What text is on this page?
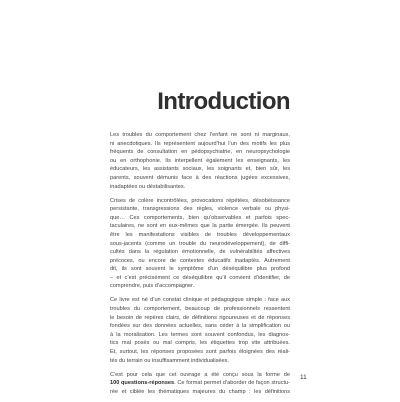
Introduction

Les troubles du comportement chez l’enfant ne sont ni marginaux,
ni anecdotiques. Ils représentent aujourd’hui l’un des motifs les plus
fréquents de consultation en pédopsychiatrie, en neuropsychologie
ou en orthophonie. Ils interpellent également les enseignants, les
éducateurs, les assistants sociaux, les soignants et, bien sûr, les
parents, souvent démunis face à des réactions jugées excessives,
inadaptées ou déstabilisantes.

Crises de colère incontrôlées, provocations répétées, désobéissance
persistante, transgressions des règles, violence verbale ou physi-
que… Ces comportements, bien qu’observables et parfois spec-
taculaires, ne sont en eux-mêmes que la partie émergée. Ils peuvent
être les manifestations visibles de troubles développementaux
sous-jacents (comme un trouble du neurodéveloppement), de diffi-
cultés dans la régulation émotionnelle, de vulnérabilités affectives
précoces, ou encore de contextes éducatifs inadaptés. Autrement
dit, ils sont souvent le symptôme d’un déséquilibre plus profond
– et c’est précisément ce déséquilibre qu’il convient d’identifier, de
comprendre, puis d’accompagner.

Ce livre est né d’un constat clinique et pédagogique simple : face aux
troubles du comportement, beaucoup de professionnels ressentent
le besoin de repères clairs, de définitions rigoureuses et de réponses
fondées sur des données actuelles, sans céder à la simplification ou
à la moralisation. Les termes sont souvent confondus, les diagnos-
tics mal posés ou mal compris, les étiquettes trop vite attribuées.
Et, surtout, les réponses proposées sont parfois éloignées des réali-
tés du terrain ou insuffisamment individualisées.

C’est pour cela que cet ouvrage a été conçu sous la forme de
100 questions-réponses. Ce format permet d’aborder de façon structu-
rée et ciblée les thématiques majeures du champ : les définitions

11
